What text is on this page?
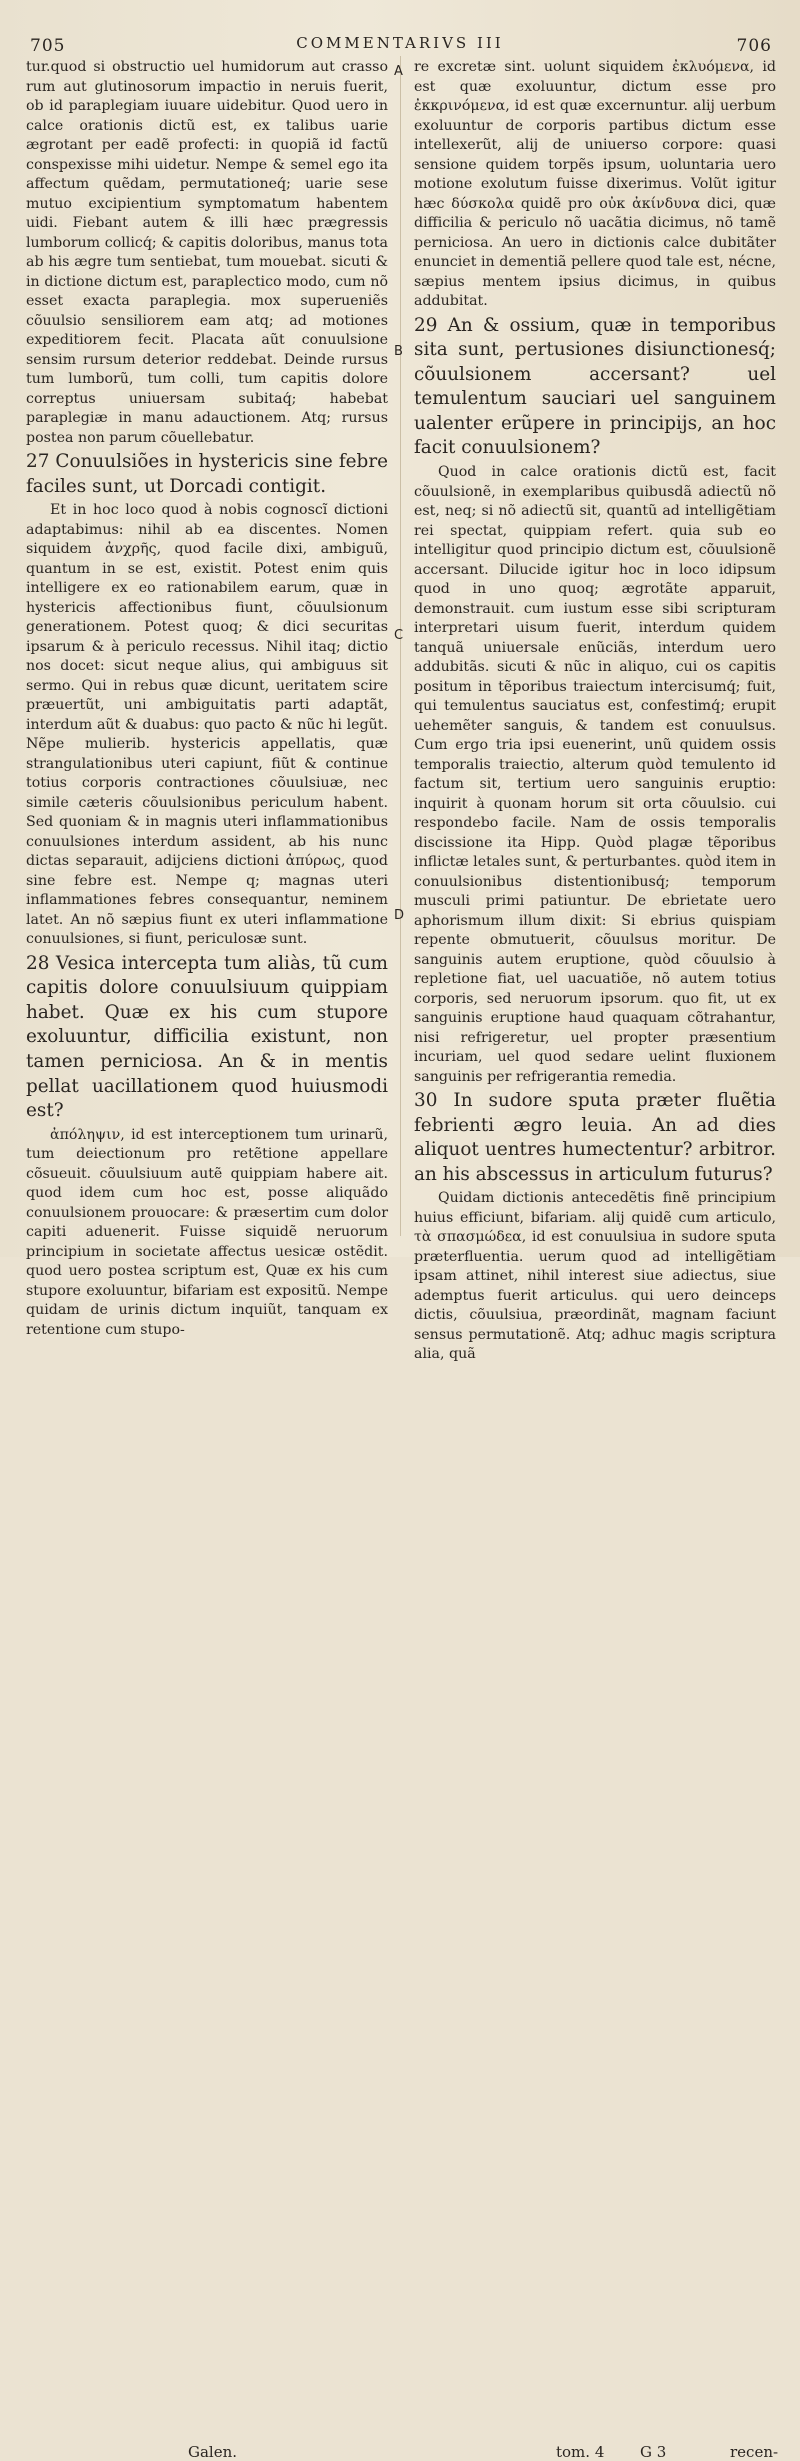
705	COMMENTARIVS III	706
A
B
C
D

tur.quod si obstructio uel humidorum aut crasso rum aut glutinosorum impactio in neruis fuerit, ob id paraplegiam iuuare uidebitur. Quod uero in calce orationis dictũ est, ex talibus uarie ægrotant per eadẽ profecti: in quopiã id factũ conspexisse mihi uidetur. Nempe & semel ego ita affectum quẽdam, permutationeq́; uarie sese mutuo excipientium symptomatum habentem uidi. Fiebant autem & illi hæc prægressis lumborum collicq́; & capitis doloribus, manus tota ab his ægre tum sentiebat, tum mouebat. sicuti & in dictione dictum est, paraplectico modo, cum nõ esset exacta paraplegia. mox superueniẽs cõuulsio sensiliorem eam atq; ad motiones expeditiorem fecit. Placata aũt conuulsione sensim rursum deterior reddebat. Deinde rursus tum lumborũ, tum colli, tum capitis dolore correptus uniuersam subitaq́; habebat paraplegiæ in manu adauctionem. Atq; rursus postea non parum cõuellebatur.

27 Conuulsiões in hystericis sine febre faciles sunt, ut Dorcadi contigit.

Et in hoc loco quod à nobis cognoscĩ dictioni adaptabimus: nihil ab ea discentes. Nomen siquidem ἀνχρῆς, quod facile dixi, ambiguũ, quantum in se est, existit. Potest enim quis intelligere ex eo rationabilem earum, quæ in hystericis affectionibus fiunt, cõuulsionum generationem. Potest quoq; & dici securitas ipsarum & à periculo recessus. Nihil itaq; dictio nos docet: sicut neque alius, qui ambiguus sit sermo. Qui in rebus quæ dicunt, ueritatem scire præuertũt, uni ambiguitatis parti adaptãt, interdum aũt & duabus: quo pacto & nũc hi legũt. Nẽpe mulierib. hystericis appellatis, quæ strangulationibus uteri capiunt, fiũt & continue totius corporis contractiones cõuulsiuæ, nec simile cæteris cõuulsionibus periculum habent. Sed quoniam & in magnis uteri inflammationibus conuulsiones interdum assident, ab his nunc dictas separauit, adijciens dictioni ἀπύρως, quod sine febre est. Nempe q; magnas uteri inflammationes febres consequantur, neminem latet. An nõ sæpius fiunt ex uteri inflammatione conuulsiones, si fiunt, periculosæ sunt.

28 Vesica intercepta tum aliàs, tũ cum capitis dolore conuulsiuum quippiam habet. Quæ ex his cum stupore exoluuntur, difficilia existunt, non tamen perniciosa. An & in mentis pellat uacillationem quod huiusmodi est?

ἀπόληψιν, id est interceptionem tum urinarũ, tum deiectionum pro retẽtione appellare cõsueuit. cõuulsiuum autẽ quippiam habere ait. quod idem cum hoc est, posse aliquãdo conuulsionem prouocare: & præsertim cum dolor capiti aduenerit. Fuisse siquidẽ neruorum principium in societate affectus uesicæ ostẽdit. quod uero postea scriptum est, Quæ ex his cum stupore exoluuntur, bifariam est expositũ. Nempe quidam de urinis dictum inquiũt, tanquam ex retentione cum stupo-

re excretæ sint. uolunt siquidem ἐκλυόμενα, id est quæ exoluuntur, dictum esse pro ἐκκρινόμενα, id est quæ excernuntur. alij uerbum exoluuntur de corporis partibus dictum esse intellexerũt, alij de uniuerso corpore: quasi sensione quidem torpẽs ipsum, uoluntaria uero motione exolutum fuisse dixerimus. Volũt igitur hæc δύσκολα quidẽ pro οὐκ ἀκίνδυνα dici, quæ difficilia & periculo nõ uacãtia dicimus, nõ tamẽ perniciosa. An uero in dictionis calce dubitãter enunciet in dementiã pellere quod tale est, nécne, sæpius mentem ipsius dicimus, in quibus addubitat.

29 An & ossium, quæ in temporibus sita sunt, pertusiones disiunctionesq́; cõuulsionem accersant? uel temulentum sauciari uel sanguinem ualenter erũpere in principijs, an hoc facit conuulsionem?

Quod in calce orationis dictũ est, facit cõuulsionẽ, in exemplaribus quibusdã adiectũ nõ est, neq; si nõ adiectũ sit, quantũ ad intelligẽtiam rei spectat, quippiam refert. quia sub eo intelligitur quod principio dictum est, cõuulsionẽ accersant. Dilucide igitur hoc in loco idipsum quod in uno quoq; ægrotãte apparuit, demonstrauit. cum iustum esse sibi scripturam interpretari uisum fuerit, interdum quidem tanquã uniuersale enũciãs, interdum uero addubitãs. sicuti & nũc in aliquo, cui os capitis positum in tẽporibus traiectum intercisumq́; fuit, qui temulentus sauciatus est, confestimq́; erupit uehemẽter sanguis, & tandem est conuulsus. Cum ergo tria ipsi euenerint, unũ quidem ossis temporalis traiectio, alterum quòd temulento id factum sit, tertium uero sanguinis eruptio: inquirit à quonam horum sit orta cõuulsio. cui respondebo facile. Nam de ossis temporalis discissione ita Hipp. Quòd plagæ tẽporibus inflictæ letales sunt, & perturbantes. quòd item in conuulsionibus distentionibusq́; temporum musculi primi patiuntur. De ebrietate uero aphorismum illum dixit: Si ebrius quispiam repente obmutuerit, cõuulsus moritur. De sanguinis autem eruptione, quòd cõuulsio à repletione fiat, uel uacuatiõe, nõ autem totius corporis, sed neruorum ipsorum. quo fit, ut ex sanguinis eruptione haud quaquam cõtrahantur, nisi refrigeretur, uel propter præsentium incuriam, uel quod sedare uelint fluxionem sanguinis per refrigerantia remedia.

30 In sudore sputa præter fluẽtia febrienti ægro leuia. An ad dies aliquot uentres humectentur? arbitror. an his abscessus in articulum futurus?

Quidam dictionis antecedẽtis finẽ principium huius efficiunt, bifariam. alij quidẽ cum articulo, τὰ σπασμώδεα, id est conuulsiua in sudore sputa præterfluentia. uerum quod ad intelligẽtiam ipsam attinet, nihil interest siue adiectus, siue ademptus fuerit articulus. qui uero deinceps dictis, cõuulsiua, præordinãt, magnam faciunt sensus permutationẽ. Atq; adhuc magis scriptura alia, quã

Galen.	tom. 4 G 3	recen-
